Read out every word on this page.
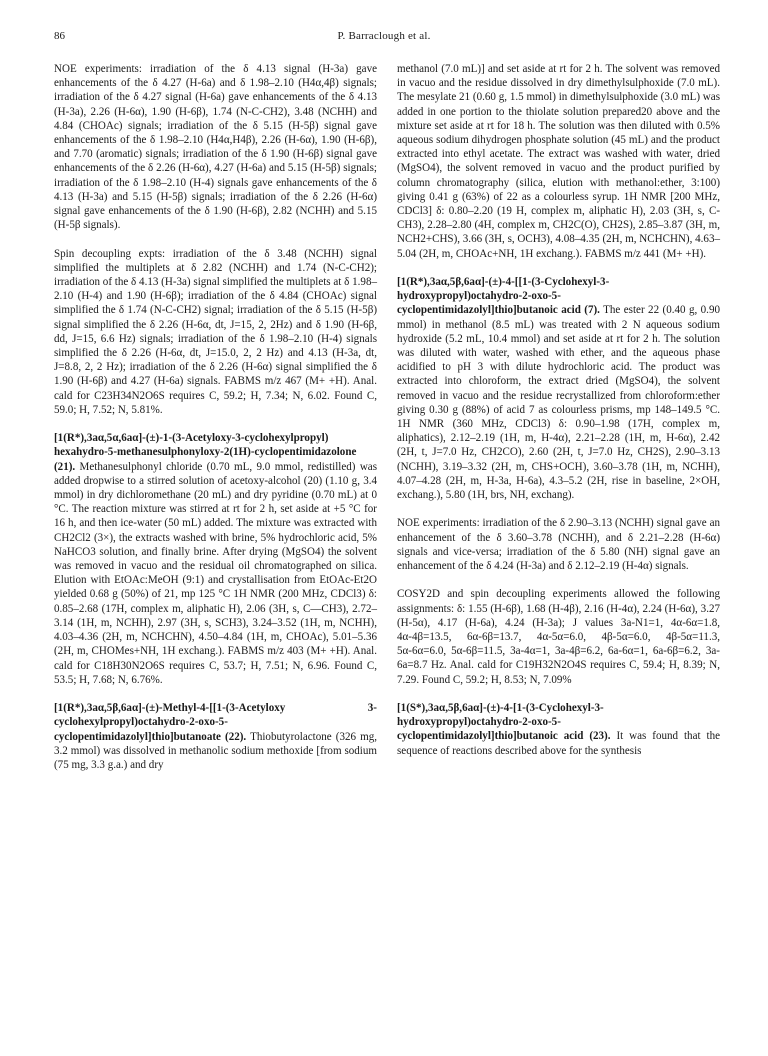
86	P. Barraclough et al.

NOE experiments: irradiation of the δ 4.13 signal (H-3a) gave enhancements of the δ 4.27 (H-6a) and δ 1.98–2.10 (H4α,4β) signals; irradiation of the δ 4.27 signal (H-6a) gave enhancements of the δ 4.13 (H-3a), 2.26 (H-6α), 1.90 (H-6β), 1.74 (N-C-CH2), 3.48 (NCHH) and 4.84 (CHOAc) signals; irradiation of the δ 5.15 (H-5β) signal gave enhancements of the δ 1.98–2.10 (H4α,H4β), 2.26 (H-6α), 1.90 (H-6β), and 7.70 (aromatic) signals; irradiation of the δ 1.90 (H-6β) signal gave enhancements of the δ 2.26 (H-6α), 4.27 (H-6a) and 5.15 (H-5β) signals; irradiation of the δ 1.98–2.10 (H-4) signals gave enhancements of the δ 4.13 (H-3a) and 5.15 (H-5β) signals; irradiation of the δ 2.26 (H-6α) signal gave enhancements of the δ 1.90 (H-6β), 2.82 (NCHH) and 5.15 (H-5β signals).

Spin decoupling expts: irradiation of the δ 3.48 (NCHH) signal simplified the multiplets at δ 2.82 (NCHH) and 1.74 (N-C-CH2); irradiation of the δ 4.13 (H-3a) signal simplified the multiplets at δ 1.98–2.10 (H-4) and 1.90 (H-6β); irradiation of the δ 4.84 (CHOAc) signal simplified the δ 1.74 (N-C-CH2) signal; irradiation of the δ 5.15 (H-5β) signal simplified the δ 2.26 (H-6α, dt, J=15, 2, 2Hz) and δ 1.90 (H-6β, dd, J=15, 6.6 Hz) signals; irradiation of the δ 1.98–2.10 (H-4) signals simplified the δ 2.26 (H-6α, dt, J=15.0, 2, 2 Hz) and 4.13 (H-3a, dt, J=8.8, 2, 2 Hz); irradiation of the δ 2.26 (H-6α) signal simplified the δ 1.90 (H-6β) and 4.27 (H-6a) signals. FABMS m/z 467 (M+ +H). Anal. cald for C23H34N2O6S requires C, 59.2; H, 7.34; N, 6.02. Found C, 59.0; H, 7.52; N, 5.81%.

[1(R*),3aα,5α,6aα]-(±)-1-(3-Acetyloxy-3-cyclohexylpropyl) hexahydro-5-methanesulphonyloxy-2(1H)-cyclopentimidazolone (21). Methanesulphonyl chloride (0.70 mL, 9.0 mmol, redistilled) was added dropwise to a stirred solution of acetoxy-alcohol (20) (1.10 g, 3.4 mmol) in dry dichloromethane (20 mL) and dry pyridine (0.70 mL) at 0 °C. The reaction mixture was stirred at rt for 2 h, set aside at +5 °C for 16 h, and then ice-water (50 mL) added. The mixture was extracted with CH2Cl2 (3×), the extracts washed with brine, 5% hydrochloric acid, 5% NaHCO3 solution, and finally brine. After drying (MgSO4) the solvent was removed in vacuo and the residual oil chromatographed on silica. Elution with EtOAc:MeOH (9:1) and crystallisation from EtOAc-Et2O yielded 0.68 g (50%) of 21, mp 125 °C 1H NMR (200 MHz, CDCl3) δ: 0.85–2.68 (17H, complex m, aliphatic H), 2.06 (3H, s, C—CH3), 2.72–3.14 (1H, m, NCHH), 2.97 (3H, s, SCH3), 3.24–3.52 (1H, m, NCHH), 4.03–4.36 (2H, m, NCHCHN), 4.50–4.84 (1H, m, CHOAc), 5.01–5.36 (2H, m, CHOMes+NH, 1H exchang.). FABMS m/z 403 (M+ +H). Anal. cald for C18H30N2O6S requires C, 53.7; H, 7.51; N, 6.96. Found C, 53.5; H, 7.68; N, 6.76%.

[1(R*),3aα,5β,6aα]-(±)-Methyl-4-[[1-(3-Acetyloxy 3-cyclohexylpropyl)octahydro-2-oxo-5-cyclopentimidazolyl]thio]butanoate (22). Thiobutyrolactone (326 mg, 3.2 mmol) was dissolved in methanolic sodium methoxide [from sodium (75 mg, 3.3 g.a.) and dry

methanol (7.0 mL)] and set aside at rt for 2 h. The solvent was removed in vacuo and the residue dissolved in dry dimethylsulphoxide (7.0 mL). The mesylate 21 (0.60 g, 1.5 mmol) in dimethylsulphoxide (3.0 mL) was added in one portion to the thiolate solution prepared20 above and the mixture set aside at rt for 18 h. The solution was then diluted with 0.5% aqueous sodium dihydrogen phosphate solution (45 mL) and the product extracted into ethyl acetate. The extract was washed with water, dried (MgSO4), the solvent removed in vacuo and the product purified by column chromatography (silica, elution with methanol:ether, 3:100) giving 0.41 g (63%) of 22 as a colourless syrup. 1H NMR [200 MHz, CDCl3] δ: 0.80–2.20 (19 H, complex m, aliphatic H), 2.03 (3H, s, C-CH3), 2.28–2.80 (4H, complex m, CH2C(O), CH2S), 2.85–3.87 (3H, m, NCH2+CHS), 3.66 (3H, s, OCH3), 4.08–4.35 (2H, m, NCHCHN), 4.63–5.04 (2H, m, CHOAc+NH, 1H exchang.). FABMS m/z 441 (M+ +H).

[1(R*),3aα,5β,6aα]-(±)-4-[[1-(3-Cyclohexyl-3-hydroxypropyl)octahydro-2-oxo-5-cyclopentimidazolyl]thio]butanoic acid (7). The ester 22 (0.40 g, 0.90 mmol) in methanol (8.5 mL) was treated with 2 N aqueous sodium hydroxide (5.2 mL, 10.4 mmol) and set aside at rt for 2 h. The solution was diluted with water, washed with ether, and the aqueous phase acidified to pH 3 with dilute hydrochloric acid. The product was extracted into chloroform, the extract dried (MgSO4), the solvent removed in vacuo and the residue recrystallized from chloroform:ether giving 0.30 g (88%) of acid 7 as colourless prisms, mp 148–149.5 °C. 1H NMR (360 MHz, CDCl3) δ: 0.90–1.98 (17H, complex m, aliphatics), 2.12–2.19 (1H, m, H-4α), 2.21–2.28 (1H, m, H-6α), 2.42 (2H, t, J=7.0 Hz, CH2CO), 2.60 (2H, t, J=7.0 Hz, CH2S), 2.90–3.13 (NCHH), 3.19–3.32 (2H, m, CHS+OCH), 3.60–3.78 (1H, m, NCHH), 4.07–4.28 (2H, m, H-3a, H-6a), 4.3–5.2 (2H, rise in baseline, 2×OH, exchang.), 5.80 (1H, brs, NH, exchang).

NOE experiments: irradiation of the δ 2.90–3.13 (NCHH) signal gave an enhancement of the δ 3.60–3.78 (NCHH), and δ 2.21–2.28 (H-6α) signals and vice-versa; irradiation of the δ 5.80 (NH) signal gave an enhancement of the δ 4.24 (H-3a) and δ 2.12–2.19 (H-4α) signals.

COSY2D and spin decoupling experiments allowed the following assignments: δ: 1.55 (H-6β), 1.68 (H-4β), 2.16 (H-4α), 2.24 (H-6α), 3.27 (H-5α), 4.17 (H-6a), 4.24 (H-3a); J values 3a-N1=1, 4α-6α=1.8, 4α-4β=13.5, 6α-6β=13.7, 4α-5α=6.0, 4β-5α=6.0, 4β-5α=11.3, 5α-6α=6.0, 5α-6β=11.5, 3a-4α=1, 3a-4β=6.2, 6a-6α=1, 6a-6β=6.2, 3a-6a=8.7 Hz. Anal. cald for C19H32N2O4S requires C, 59.4; H, 8.39; N, 7.29. Found C, 59.2; H, 8.53; N, 7.09%

[1(S*),3aα,5β,6aα]-(±)-4-[1-(3-Cyclohexyl-3-hydroxypropyl)octahydro-2-oxo-5-cyclopentimidazolyl]thio]butanoic acid (23). It was found that the sequence of reactions described above for the synthesis
